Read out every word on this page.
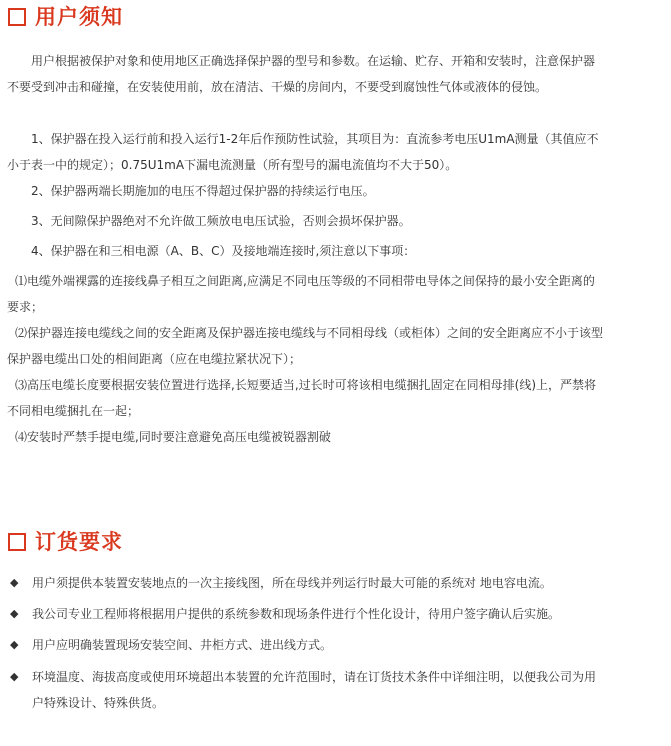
用户须知
用户根据被保护对象和使用地区正确选择保护器的型号和参数。在运输、贮存、开箱和安装时，注意保护器不要受到冲击和碰撞，在安装使用前，放在清洁、干燥的房间内，不要受到腐蚀性气体或液体的侵蚀。
1、保护器在投入运行前和投入运行1-2年后作预防性试验，其项目为：直流参考电压U1mA测量（其值应不小于表一中的规定）；0.75U1mA下漏电流测量（所有型号的漏电流值均不大于50）。
2、保护器两端长期施加的电压不得超过保护器的持续运行电压。
3、无间隙保护器绝对不允许做工频放电电压试验，否则会损坏保护器。
4、保护器在和三相电源（A、B、C）及接地端连接时,须注意以下事项：
⑴电缆外端裸露的连接线鼻子相互之间距离,应满足不同电压等级的不同相带电导体之间保持的最小安全距离的要求；
⑵保护器连接电缆线之间的安全距离及保护器连接电缆线与不同相母线（或柜体）之间的安全距离应不小于该型保护器电缆出口处的相间距离（应在电缆拉紧状况下）；
⑶高压电缆长度要根据安装位置进行选择,长短要适当,过长时可将该相电缆捆扎固定在同相母排(线)上，严禁将不同相电缆捆扎在一起；
⑷安装时严禁手提电缆,同时要注意避免高压电缆被锐器割破
订货要求
◆ 用户须提供本装置安装地点的一次主接线图，所在母线并列运行时最大可能的系统对 地电容电流。
◆ 我公司专业工程师将根据用户提供的系统参数和现场条件进行个性化设计，待用户签字确认后实施。
◆ 用户应明确装置现场安装空间、井柜方式、进出线方式。
◆ 环境温度、海拔高度或使用环境超出本装置的允许范围时，请在订货技术条件中详细注明，以便我公司为用户特殊设计、特殊供货。
